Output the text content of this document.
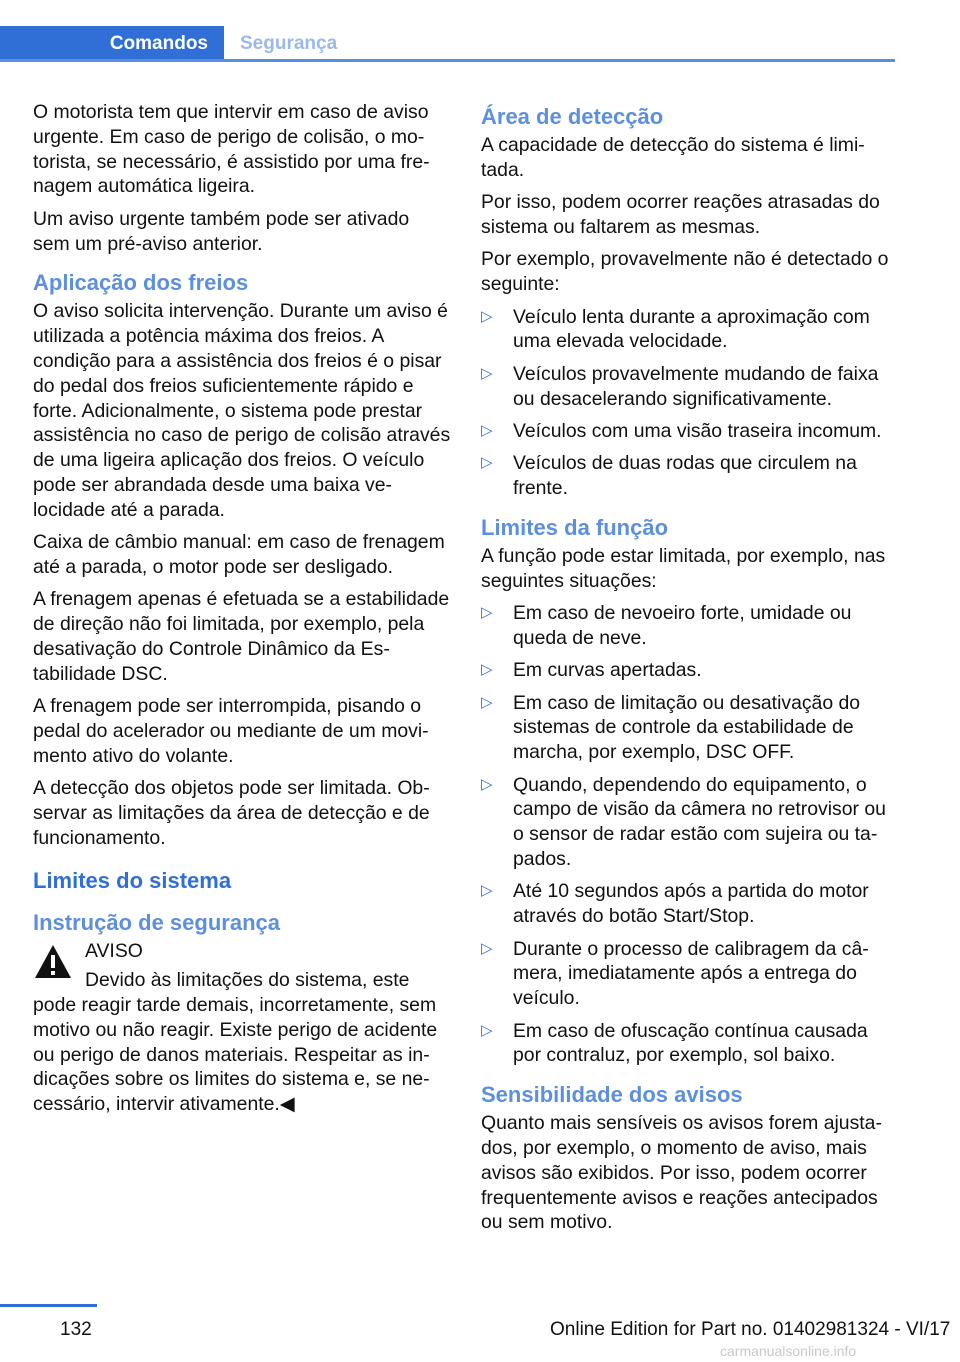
Comandos Segurança

O motorista tem que intervir em caso de aviso urgente. Em caso de perigo de colisão, o motorista, se necessário, é assistido por uma frenagem automática ligeira.

Um aviso urgente também pode ser ativado sem um pré-aviso anterior.

Aplicação dos freios

O aviso solicita intervenção. Durante um aviso é utilizada a potência máxima dos freios. A condição para a assistência dos freios é o pisar do pedal dos freios suficientemente rápido e forte. Adicionalmente, o sistema pode prestar assistência no caso de perigo de colisão através de uma ligeira aplicação dos freios. O veículo pode ser abrandada desde uma baixa velocidade até a parada.

Caixa de câmbio manual: em caso de frenagem até a parada, o motor pode ser desligado.

A frenagem apenas é efetuada se a estabilidade de direção não foi limitada, por exemplo, pela desativação do Controle Dinâmico da Estabilidade DSC.

A frenagem pode ser interrompida, pisando o pedal do acelerador ou mediante de um movimento ativo do volante.

A detecção dos objetos pode ser limitada. Observar as limitações da área de detecção e de funcionamento.

Limites do sistema
Instrução de segurança

AVISO

Devido às limitações do sistema, este pode reagir tarde demais, incorretamente, sem motivo ou não reagir. Existe perigo de acidente ou perigo de danos materiais. Respeitar as indicações sobre os limites do sistema e, se necessário, intervir ativamente.◀

Área de detecção

A capacidade de detecção do sistema é limitada.

Por isso, podem ocorrer reações atrasadas do sistema ou faltarem as mesmas.

Por exemplo, provavelmente não é detectado o seguinte:

▷	Veículo lenta durante a aproximação com uma elevada velocidade.
▷	Veículos provavelmente mudando de faixa ou desacelerando significativamente.
▷	Veículos com uma visão traseira incomum.
▷	Veículos de duas rodas que circulem na frente.
Limites da função

A função pode estar limitada, por exemplo, nas seguintes situações:

▷	Em caso de nevoeiro forte, umidade ou queda de neve.
▷	Em curvas apertadas.
▷	Em caso de limitação ou desativação do sistemas de controle da estabilidade de marcha, por exemplo, DSC OFF.
▷	Quando, dependendo do equipamento, o campo de visão da câmera no retrovisor ou o sensor de radar estão com sujeira ou tapados.
▷	Até 10 segundos após a partida do motor através do botão Start/Stop.
▷	Durante o processo de calibragem da câmera, imediatamente após a entrega do veículo.
▷	Em caso de ofuscação contínua causada por contraluz, por exemplo, sol baixo.
Sensibilidade dos avisos

Quanto mais sensíveis os avisos forem ajustados, por exemplo, o momento de aviso, mais avisos são exibidos. Por isso, podem ocorrer frequentemente avisos e reações antecipados ou sem motivo.

132	Online Edition for Part no. 01402981324 - VI/17
carmanualsonline.info
